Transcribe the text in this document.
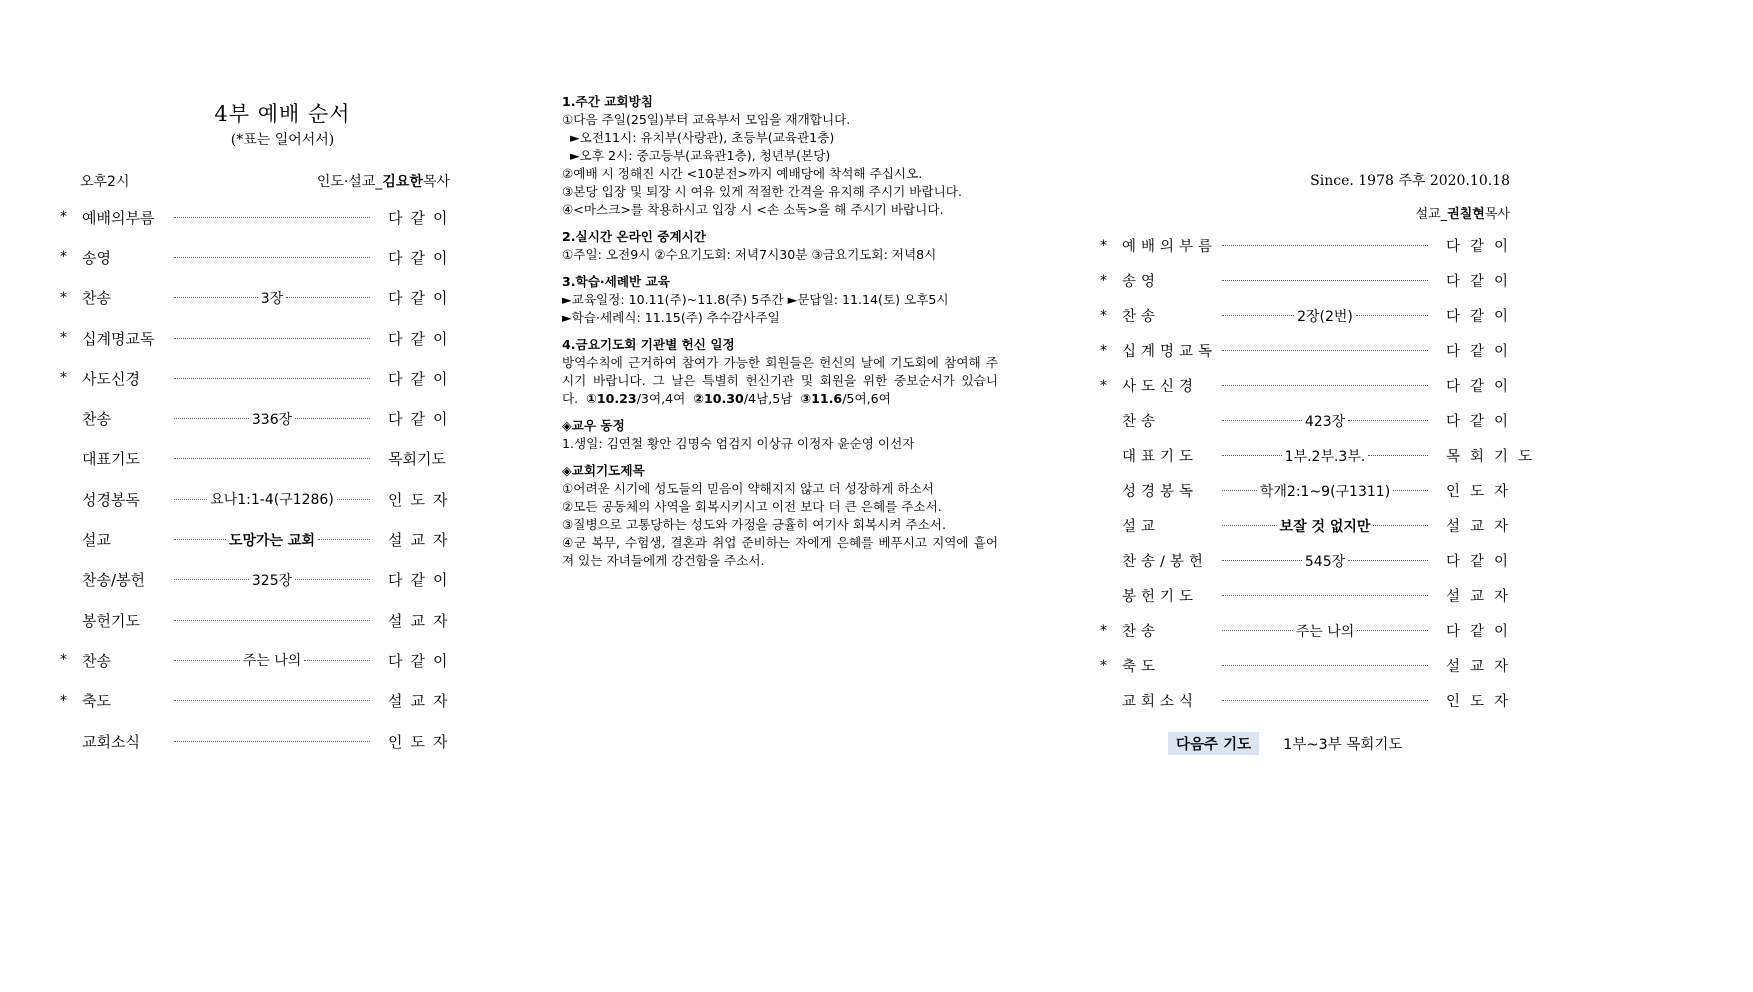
4부 예배 순서
(*표는 일어서서)
오후2시	인도·설교_김요한목사
*	예배의부름	다같이
*	송영	다같이
*	찬송	3장	다같이
*	십계명교독	다같이
*	사도신경	다같이
찬송	336장	다같이
대표기도	목회기도
성경봉독	요나1:1-4(구1286)	인도자
설교	도망가는 교회	설교자
찬송/봉헌	325장	다같이
봉헌기도	설교자
*	찬송	주는 나의	다같이
*	축도	설교자
교회소식	인도자
1.주간 교회방침

①다음 주일(25일)부터 교육부서 모임을 재개합니다.

►오전11시: 유치부(사랑관), 초등부(교육관1층)

►오후 2시: 중고등부(교육관1층), 청년부(본당)

②예배 시 정해진 시간 <10분전>까지 예배당에 착석해 주십시오.

③본당 입장 및 퇴장 시 여유 있게 적절한 간격을 유지해 주시기 바랍니다.

④<마스크>를 착용하시고 입장 시 <손 소독>을 해 주시기 바랍니다.

2.실시간 온라인 중계시간

①주일: 오전9시 ②수요기도회: 저녁7시30분 ③금요기도회: 저녁8시

3.학습·세례반 교육

►교육일정: 10.11(주)~11.8(주) 5주간 ►문답일: 11.14(토) 오후5시

►학습·세례식: 11.15(주) 추수감사주일

4.금요기도회 기관별 헌신 일정

방역수칙에 근거하여 참여가 가능한 회원들은 헌신의 날에 기도회에 참여해 주시기 바랍니다. 그 날은 특별히 헌신기관 및 회원을 위한 중보순서가 있습니다. ①10.23/3여,4여 ②10.30/4남,5남 ③11.6/5여,6여

◈교우 동정

1.생일: 김연철 황안 김명숙 엄검지 이상규 이정자 윤순영 이선자

◈교회기도제목

①어려운 시기에 성도들의 믿음이 약해지지 않고 더 성장하게 하소서

②모든 공동체의 사역을 회복시키시고 이전 보다 더 큰 은혜를 주소서.

③질병으로 고통당하는 성도와 가정을 긍휼히 여기사 회복시켜 주소서.

④군 복무, 수험생, 결혼과 취업 준비하는 자에게 은혜를 베푸시고 지역에 흩어져 있는 자녀들에게 강건함을 주소서.

Since. 1978 주후 2020.10.18
설교_권칠현목사
*	예배의부름	다같이
*	송영	다같이
*	찬송	2장(2번)	다같이
*	십계명교독	다같이
*	사도신경	다같이
찬송	423장	다같이
대표기도	1부.2부.3부.	목회기도
성경봉독	학개2:1~9(구1311)	인도자
설교	보잘 것 없지만	설교자
찬송/봉헌	545장	다같이
봉헌기도	설교자
*	찬송	주는 나의	다같이
*	축도	설교자
교회소식	인도자
다음주 기도	1부~3부 목회기도
